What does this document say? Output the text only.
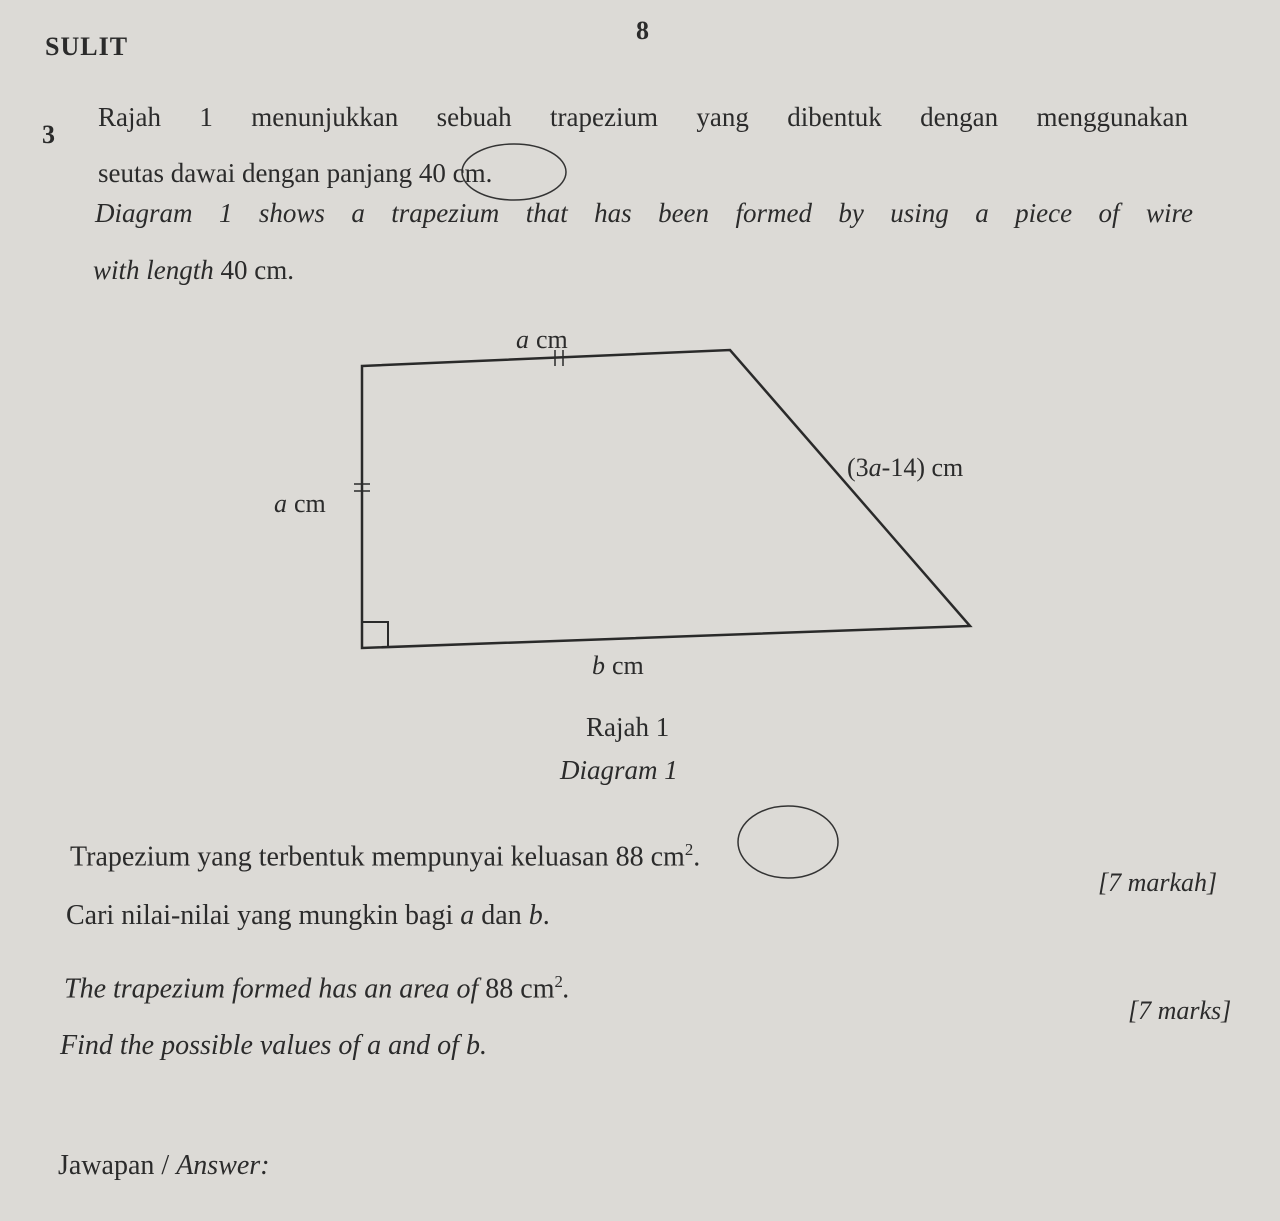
SULIT
8
3
Rajah 1 menunjukkan sebuah trapezium yang dibentuk dengan menggunakan
seutas dawai dengan panjang 40 cm.
Diagram 1 shows a trapezium that has been formed by using a piece of wire
with length 40 cm.
a cm
a cm
(3a-14) cm
b cm
Rajah 1
Diagram 1
Trapezium yang terbentuk mempunyai keluasan 88 $cm^2$.
Cari nilai-nilai yang mungkin bagi a dan b.
[7 markah]
The trapezium formed has an area of 88 $cm^2$.
Find the possible values of a and of b.
[7 marks]
Jawapan / Answer:
